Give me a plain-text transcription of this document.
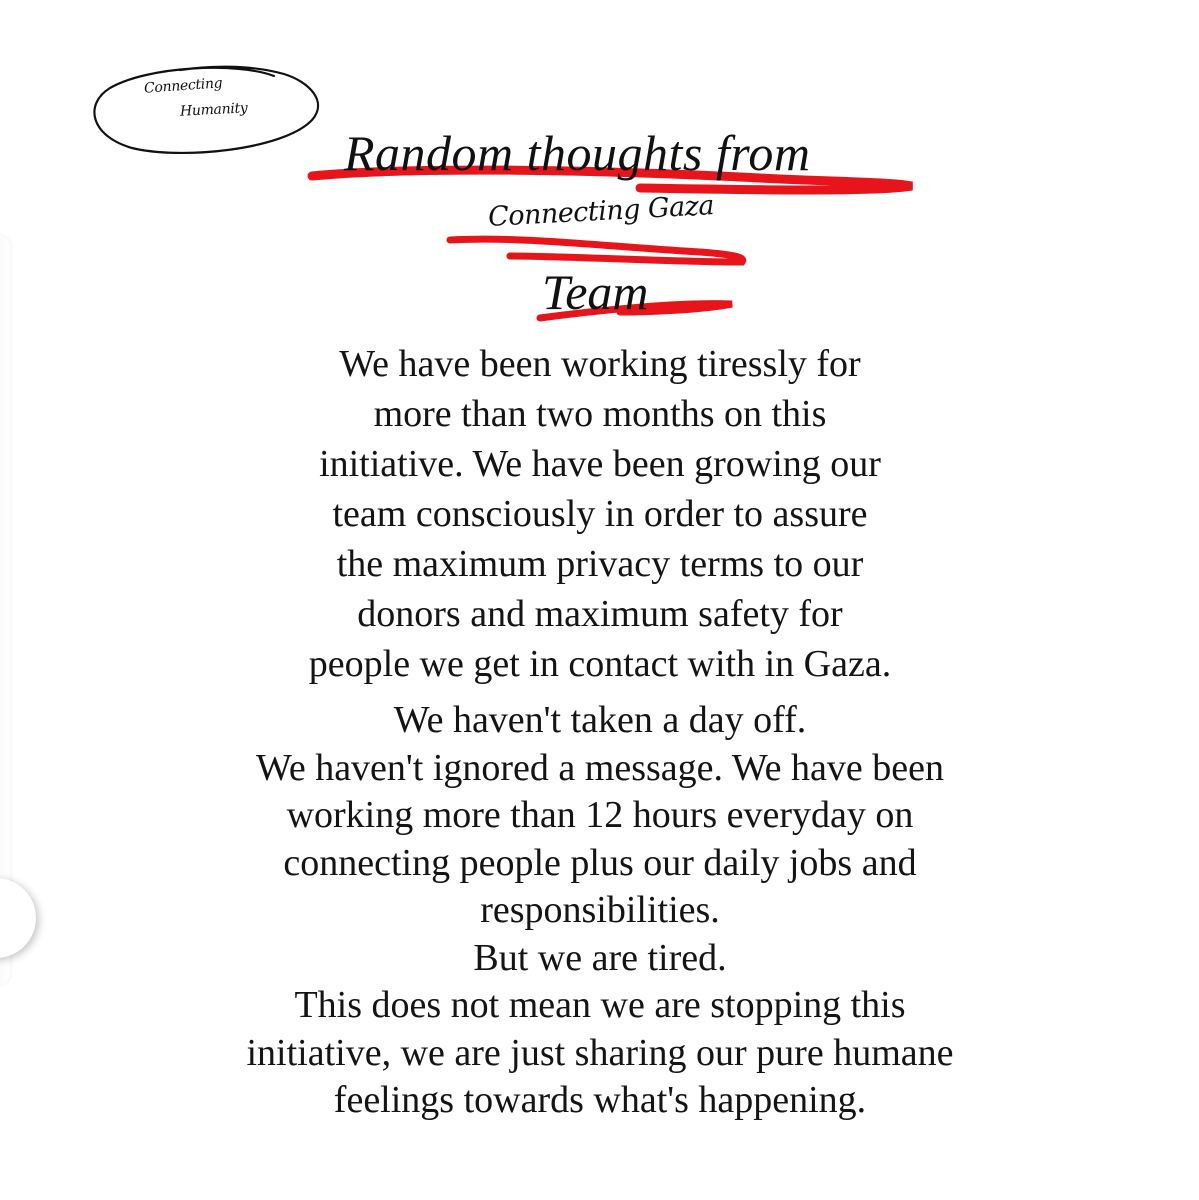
Connecting
Humanity
Random thoughts from
Connecting Gaza
Team

We have been working tiressly for

more than two months on this

initiative. We have been growing our

team consciously in order to assure

the maximum privacy terms to our

donors and maximum safety for

people we get in contact with in Gaza.

We haven't taken a day off.

We haven't ignored a message. We have been

working more than 12 hours everyday on

connecting people plus our daily jobs and

responsibilities.

But we are tired.

This does not mean we are stopping this

initiative, we are just sharing our pure humane

feelings towards what's happening.
